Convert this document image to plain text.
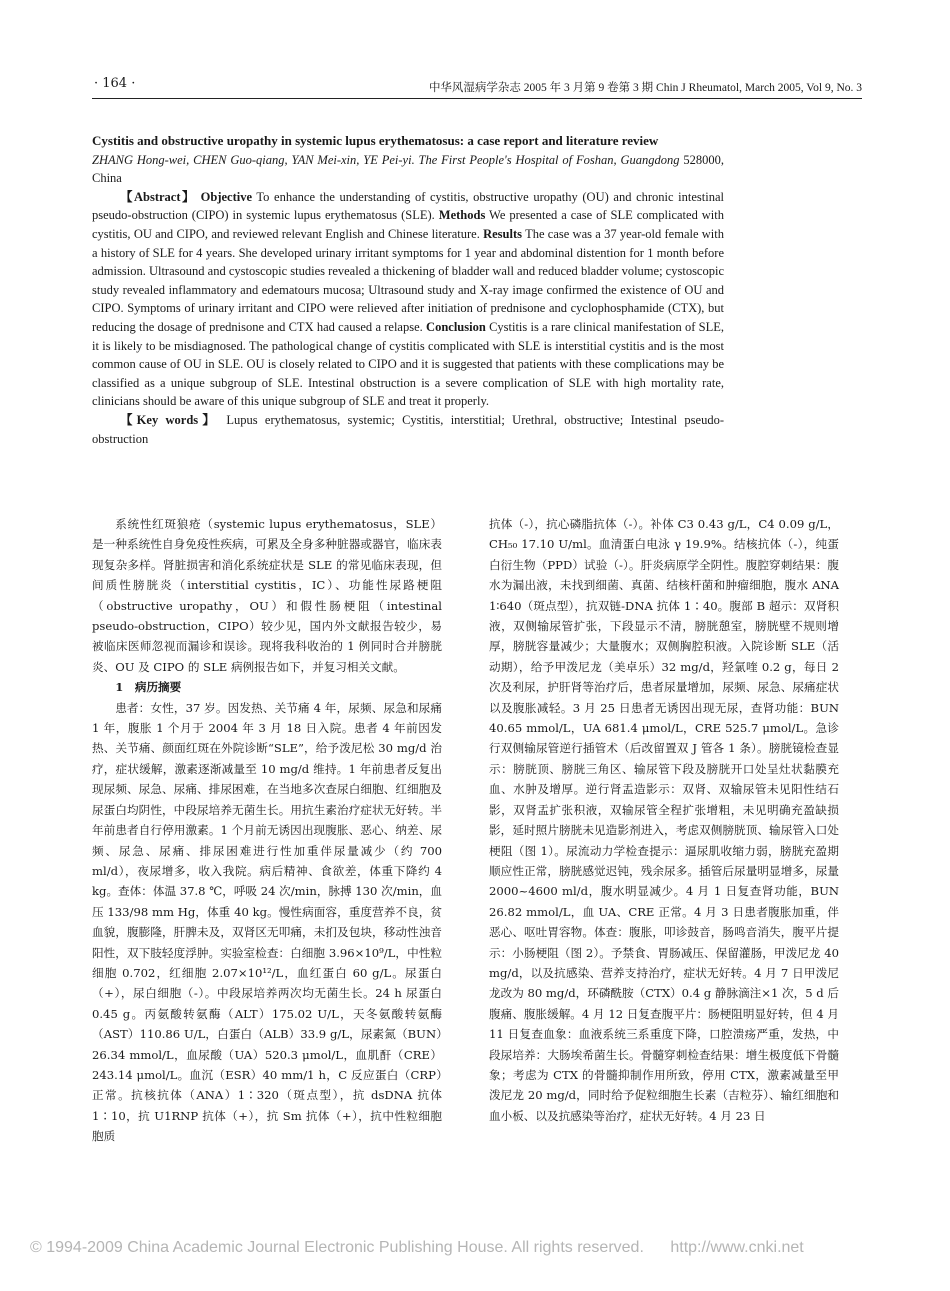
· 164 ·	中华风湿病学杂志 2005 年 3 月第 9 卷第 3 期 Chin J Rheumatol, March 2005, Vol 9, No. 3
Cystitis and obstructive uropathy in systemic lupus erythematosus: a case report and literature review
ZHANG Hong-wei, CHEN Guo-qiang, YAN Mei-xin, YE Pei-yi. The First People's Hospital of Foshan, Guangdong 528000, China
【Abstract】 Objective To enhance the understanding of cystitis, obstructive uropathy (OU) and chronic intestinal pseudo-obstruction (CIPO) in systemic lupus erythematosus (SLE). Methods We presented a case of SLE complicated with cystitis, OU and CIPO, and reviewed relevant English and Chinese literature. Results The case was a 37 year-old female with a history of SLE for 4 years. She developed urinary irritant symptoms for 1 year and abdominal distention for 1 month before admission. Ultrasound and cystoscopic studies revealed a thickening of bladder wall and reduced bladder volume; cystoscopic study revealed inflammatory and edematours mucosa; Ultrasound study and X-ray image confirmed the existence of OU and CIPO. Symptoms of urinary irritant and CIPO were relieved after initiation of prednisone and cyclophosphamide (CTX), but reducing the dosage of prednisone and CTX had caused a relapse. Conclusion Cystitis is a rare clinical manifestation of SLE, it is likely to be misdiagnosed. The pathological change of cystitis complicated with SLE is interstitial cystitis and is the most common cause of OU in SLE. OU is closely related to CIPO and it is suggested that patients with these complications may be classified as a unique subgroup of SLE. Intestinal obstruction is a severe complication of SLE with high mortality rate, clinicians should be aware of this unique subgroup of SLE and treat it properly.
【Key words】 Lupus erythematosus, systemic; Cystitis, interstitial; Urethral, obstructive; Intestinal pseudo-obstruction

系统性红斑狼疮（systemic lupus erythematosus，SLE）是一种系统性自身免疫性疾病，可累及全身多种脏器或器官，临床表现复杂多样。肾脏损害和消化系统症状是 SLE 的常见临床表现，但间质性膀胱炎（interstitial cystitis，IC）、功能性尿路梗阻（obstructive uropathy，OU）和假性肠梗阻（intestinal pseudo-obstruction，CIPO）较少见，国内外文献报告较少，易被临床医师忽视而漏诊和误诊。现将我科收治的 1 例同时合并膀胱炎、OU 及 CIPO 的 SLE 病例报告如下，并复习相关文献。

1　病历摘要

患者：女性，37 岁。因发热、关节痛 4 年，尿频、尿急和尿痛 1 年，腹胀 1 个月于 2004 年 3 月 18 日入院。患者 4 年前因发热、关节痛、颜面红斑在外院诊断“SLE”，给予泼尼松 30 mg/d 治疗，症状缓解，激素逐渐减量至 10 mg/d 维持。1 年前患者反复出现尿频、尿急、尿痛、排尿困难，在当地多次查尿白细胞、红细胞及尿蛋白均阴性，中段尿培养无菌生长。用抗生素治疗症状无好转。半年前患者自行停用激素。1 个月前无诱因出现腹胀、恶心、纳差、尿频、尿急、尿痛、排尿困难进行性加重伴尿量减少（约 700 ml/d），夜尿增多，收入我院。病后精神、食欲差，体重下降约 4 kg。查体：体温 37.8 ℃，呼吸 24 次/min，脉搏 130 次/min，血压 133/98 mm Hg，体重 40 kg。慢性病面容，重度营养不良，贫血貌，腹膨隆，肝脾未及，双肾区无叩痛，未扪及包块，移动性浊音阳性，双下肢轻度浮肿。实验室检查：白细胞 3.96×10⁹/L，中性粒细胞 0.702，红细胞 2.07×10¹²/L，血红蛋白 60 g/L。尿蛋白（+），尿白细胞（-）。中段尿培养两次均无菌生长。24 h 尿蛋白 0.45 g。丙氨酸转氨酶（ALT）175.02 U/L，天冬氨酸转氨酶（AST）110.86 U/L，白蛋白（ALB）33.9 g/L，尿素氮（BUN）26.34 mmol/L，血尿酸（UA）520.3 μmol/L，血肌酐（CRE）243.14 μmol/L。血沉（ESR）40 mm/1 h，C 反应蛋白（CRP）正常。抗核抗体（ANA）1∶320（斑点型），抗 dsDNA 抗体 1∶10，抗 U1RNP 抗体（+），抗 Sm 抗体（+），抗中性粒细胞胞质

抗体（-），抗心磷脂抗体（-）。补体 C3 0.43 g/L，C4 0.09 g/L，CH₅₀ 17.10 U/ml。血清蛋白电泳 γ 19.9%。结核抗体（-），纯蛋白衍生物（PPD）试验（-）。肝炎病原学全阴性。腹腔穿刺结果：腹水为漏出液，未找到细菌、真菌、结核杆菌和肿瘤细胞，腹水 ANA 1∶640（斑点型），抗双链-DNA 抗体 1∶40。腹部 B 超示：双肾积液，双侧输尿管扩张，下段显示不清，膀胱憩室，膀胱壁不规则增厚，膀胱容量减少；大量腹水；双侧胸腔积液。入院诊断 SLE（活动期），给予甲泼尼龙（美卓乐）32 mg/d，羟氯喹 0.2 g，每日 2 次及利尿，护肝肾等治疗后，患者尿量增加，尿频、尿急、尿痛症状以及腹胀减轻。3 月 25 日患者无诱因出现无尿，查肾功能：BUN 40.65 mmol/L，UA 681.4 μmol/L，CRE 525.7 μmol/L。急诊行双侧输尿管逆行插管术（后改留置双 J 管各 1 条）。膀胱镜检查显示：膀胱顶、膀胱三角区、输尿管下段及膀胱开口处呈灶状黏膜充血、水肿及增厚。逆行肾盂造影示：双肾、双输尿管未见阳性结石影，双肾盂扩张积液，双输尿管全程扩张增粗，未见明确充盈缺损影，延时照片膀胱未见造影剂进入，考虑双侧膀胱顶、输尿管入口处梗阻（图 1）。尿流动力学检查提示：逼尿肌收缩力弱，膀胱充盈期顺应性正常，膀胱感觉迟钝，残余尿多。插管后尿量明显增多，尿量 2000~4600 ml/d，腹水明显减少。4 月 1 日复查肾功能，BUN 26.82 mmol/L，血 UA、CRE 正常。4 月 3 日患者腹胀加重，伴恶心、呕吐胃容物。体查：腹胀，叩诊鼓音，肠鸣音消失，腹平片提示：小肠梗阻（图 2）。予禁食、胃肠减压、保留灌肠，甲泼尼龙 40 mg/d，以及抗感染、营养支持治疗，症状无好转。4 月 7 日甲泼尼龙改为 80 mg/d，环磷酰胺（CTX）0.4 g 静脉滴注×1 次，5 d 后腹痛、腹胀缓解。4 月 12 日复查腹平片：肠梗阻明显好转，但 4 月 11 日复查血象：血液系统三系重度下降，口腔溃疡严重，发热，中段尿培养：大肠埃希菌生长。骨髓穿刺检查结果：增生极度低下骨髓象；考虑为 CTX 的骨髓抑制作用所致，停用 CTX，激素减量至甲泼尼龙 20 mg/d，同时给予促粒细胞生长素（吉粒芬）、输红细胞和血小板、以及抗感染等治疗，症状无好转。4 月 23 日

© 1994-2009 China Academic Journal Electronic Publishing House. All rights reserved. http://www.cnki.net
